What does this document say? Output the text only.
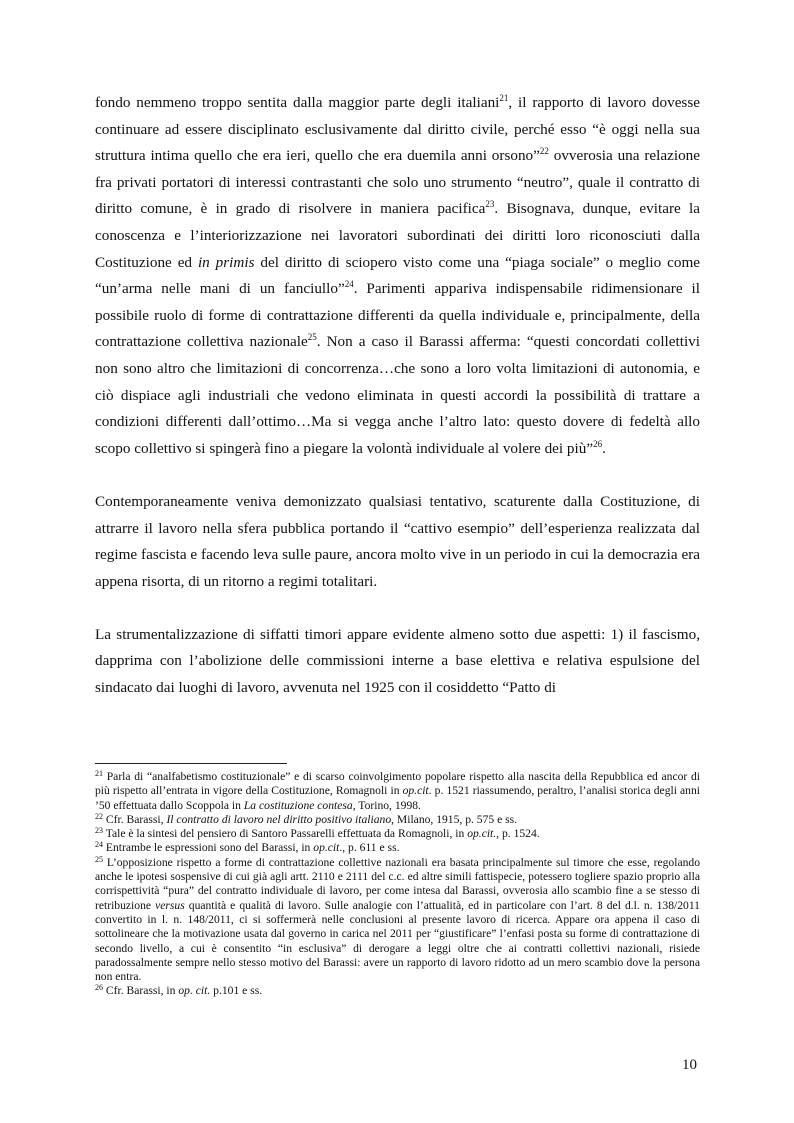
fondo nemmeno troppo sentita dalla maggior parte degli italiani$^{21}$, il rapporto di lavoro dovesse continuare ad essere disciplinato esclusivamente dal diritto civile, perché esso “è oggi nella sua struttura intima quello che era ieri, quello che era duemila anni orsono”$^{22}$ ovverosia una relazione fra privati portatori di interessi contrastanti che solo uno strumento “neutro”, quale il contratto di diritto comune, è in grado di risolvere in maniera pacifica$^{23}$. Bisognava, dunque, evitare la conoscenza e l’interiorizzazione nei lavoratori subordinati dei diritti loro riconosciuti dalla Costituzione ed in primis del diritto di sciopero visto come una “piaga sociale” o meglio come “un’arma nelle mani di un fanciullo”$^{24}$. Parimenti appariva indispensabile ridimensionare il possibile ruolo di forme di contrattazione differenti da quella individuale e, principalmente, della contrattazione collettiva nazionale$^{25}$. Non a caso il Barassi afferma: “questi concordati collettivi non sono altro che limitazioni di concorrenza…che sono a loro volta limitazioni di autonomia, e ciò dispiace agli industriali che vedono eliminata in questi accordi la possibilità di trattare a condizioni differenti dall’ottimo…Ma si vegga anche l’altro lato: questo dovere di fedeltà allo scopo collettivo si spingerà fino a piegare la volontà individuale al volere dei più”$^{26}$.

Contemporaneamente veniva demonizzato qualsiasi tentativo, scaturente dalla Costituzione, di attrarre il lavoro nella sfera pubblica portando il “cattivo esempio” dell’esperienza realizzata dal regime fascista e facendo leva sulle paure, ancora molto vive in un periodo in cui la democrazia era appena risorta, di un ritorno a regimi totalitari.

La strumentalizzazione di siffatti timori appare evidente almeno sotto due aspetti: 1) il fascismo, dapprima con l’abolizione delle commissioni interne a base elettiva e relativa espulsione del sindacato dai luoghi di lavoro, avvenuta nel 1925 con il cosiddetto “Patto di

$^{21}$ Parla di “analfabetismo costituzionale” e di scarso coinvolgimento popolare rispetto alla nascita della Repubblica ed ancor di più rispetto all’entrata in vigore della Costituzione, Romagnoli in op.cit. p. 1521 riassumendo, peraltro, l’analisi storica degli anni ’50 effettuata dallo Scoppola in La costituzione contesa, Torino, 1998.

$^{22}$ Cfr. Barassi, Il contratto di lavoro nel diritto positivo italiano, Milano, 1915, p. 575 e ss.

$^{23}$ Tale è la sintesi del pensiero di Santoro Passarelli effettuata da Romagnoli, in op.cit., p. 1524.

$^{24}$ Entrambe le espressioni sono del Barassi, in op.cit., p. 611 e ss.

$^{25}$ L’opposizione rispetto a forme di contrattazione collettive nazionali era basata principalmente sul timore che esse, regolando anche le ipotesi sospensive di cui già agli artt. 2110 e 2111 del c.c. ed altre simili fattispecie, potessero togliere spazio proprio alla corrispettività “pura” del contratto individuale di lavoro, per come intesa dal Barassi, ovverosia allo scambio fine a se stesso di retribuzione versus quantità e qualità di lavoro. Sulle analogie con l’attualità, ed in particolare con l’art. 8 del d.l. n. 138/2011 convertito in l. n. 148/2011, ci si soffermerà nelle conclusioni al presente lavoro di ricerca. Appare ora appena il caso di sottolineare che la motivazione usata dal governo in carica nel 2011 per “giustificare” l’enfasi posta su forme di contrattazione di secondo livello, a cui è consentito “in esclusiva” di derogare a leggi oltre che ai contratti collettivi nazionali, risiede paradossalmente sempre nello stesso motivo del Barassi: avere un rapporto di lavoro ridotto ad un mero scambio dove la persona non entra.

$^{26}$ Cfr. Barassi, in op. cit. p.101 e ss.

10
